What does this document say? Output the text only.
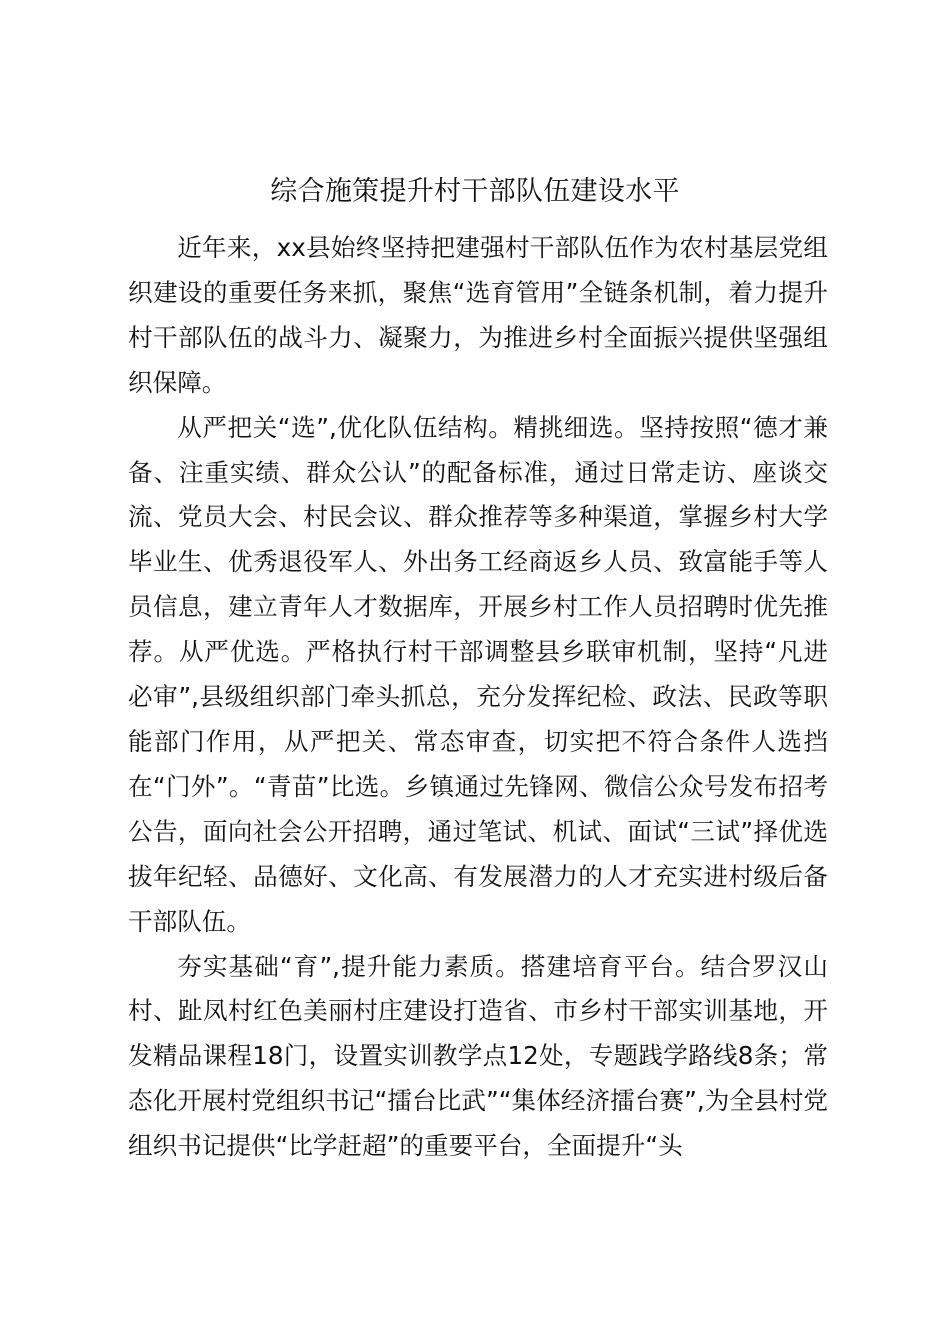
综合施策提升村干部队伍建设水平

近年来，xx县始终坚持把建强村干部队伍作为农村基层党组织建设的重要任务来抓，聚焦“选育管用”全链条机制，着力提升村干部队伍的战斗力、凝聚力，为推进乡村全面振兴提供坚强组织保障。

从严把关“选”,优化队伍结构。精挑细选。坚持按照“德才兼备、注重实绩、群众公认”的配备标准，通过日常走访、座谈交流、党员大会、村民会议、群众推荐等多种渠道，掌握乡村大学毕业生、优秀退役军人、外出务工经商返乡人员、致富能手等人员信息，建立青年人才数据库，开展乡村工作人员招聘时优先推荐。从严优选。严格执行村干部调整县乡联审机制，坚持“凡进必审”,县级组织部门牵头抓总，充分发挥纪检、政法、民政等职能部门作用，从严把关、常态审查，切实把不符合条件人选挡在“门外”。“青苗”比选。乡镇通过先锋网、微信公众号发布招考公告，面向社会公开招聘，通过笔试、机试、面试“三试”择优选拔年纪轻、品德好、文化高、有发展潜力的人才充实进村级后备干部队伍。

夯实基础“育”,提升能力素质。搭建培育平台。结合罗汉山村、趾凤村红色美丽村庄建设打造省、市乡村干部实训基地，开发精品课程18门，设置实训教学点12处，专题践学路线8条；常态化开展村党组织书记“擂台比武”“集体经济擂台赛”,为全县村党组织书记提供“比学赶超”的重要平台，全面提升“头
